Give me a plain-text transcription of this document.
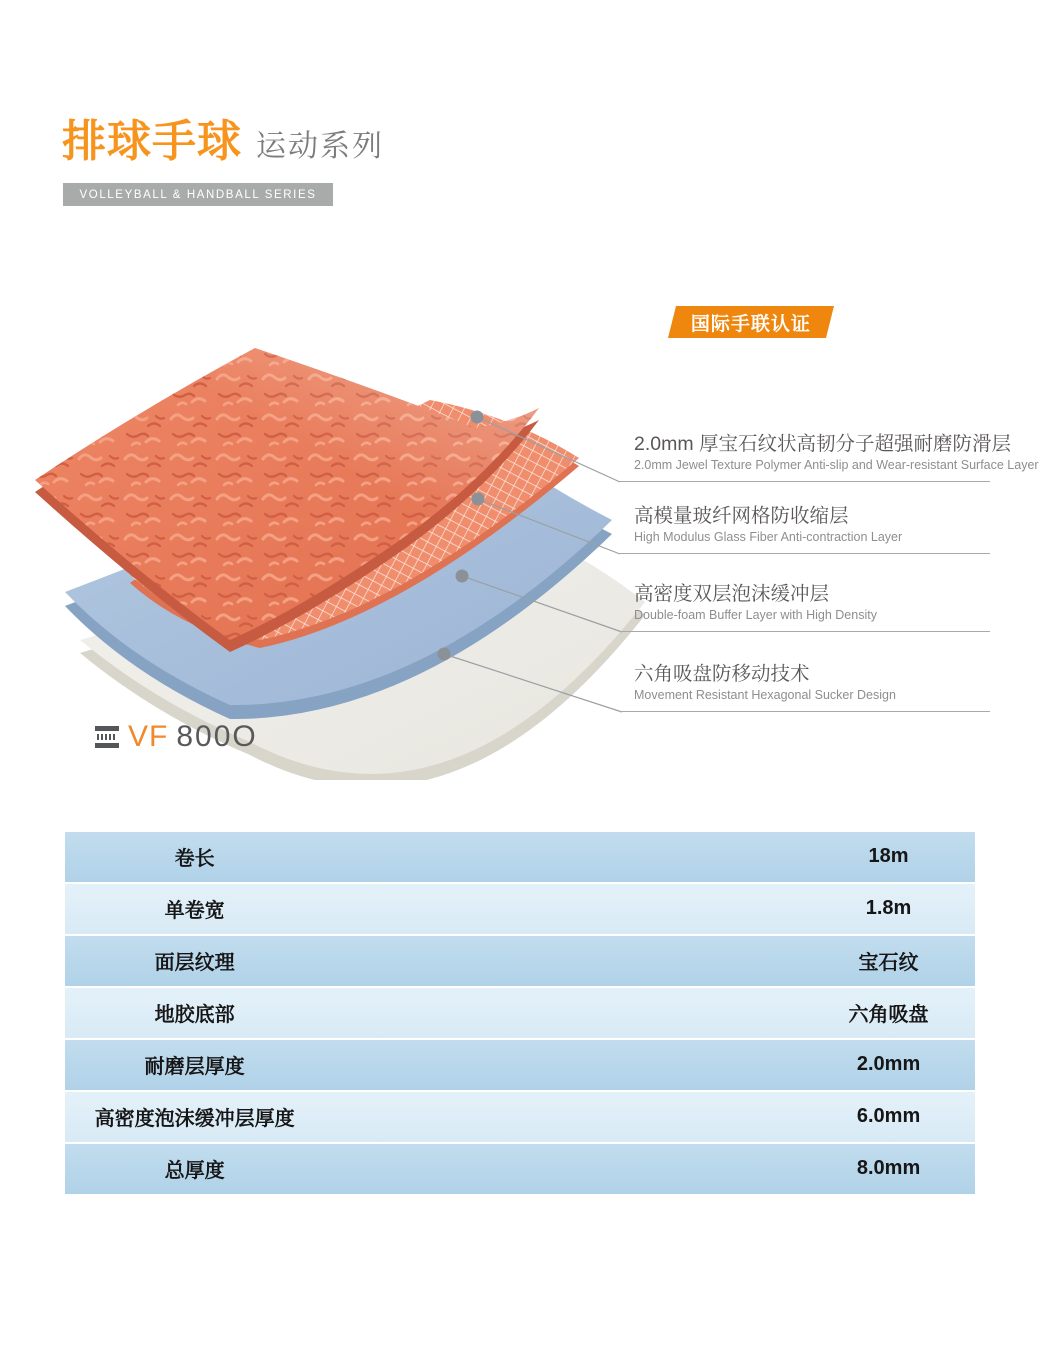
排球手球 运动系列
VOLLEYBALL & HANDBALL SERIES
国际手联认证
2.0mm 厚宝石纹状高韧分子超强耐磨防滑层
2.0mm Jewel Texture Polymer Anti-slip and Wear-resistant Surface Layer
高模量玻纤网格防收缩层
High Modulus Glass Fiber Anti-contraction Layer
高密度双层泡沫缓冲层
Double-foam Buffer Layer with High Density
六角吸盘防移动技术
Movement Resistant Hexagonal Sucker Design
VF 800O
卷长	18m
单卷宽	1.8m
面层纹理	宝石纹
地胶底部	六角吸盘
耐磨层厚度	2.0mm
高密度泡沫缓冲层厚度	6.0mm
总厚度	8.0mm
